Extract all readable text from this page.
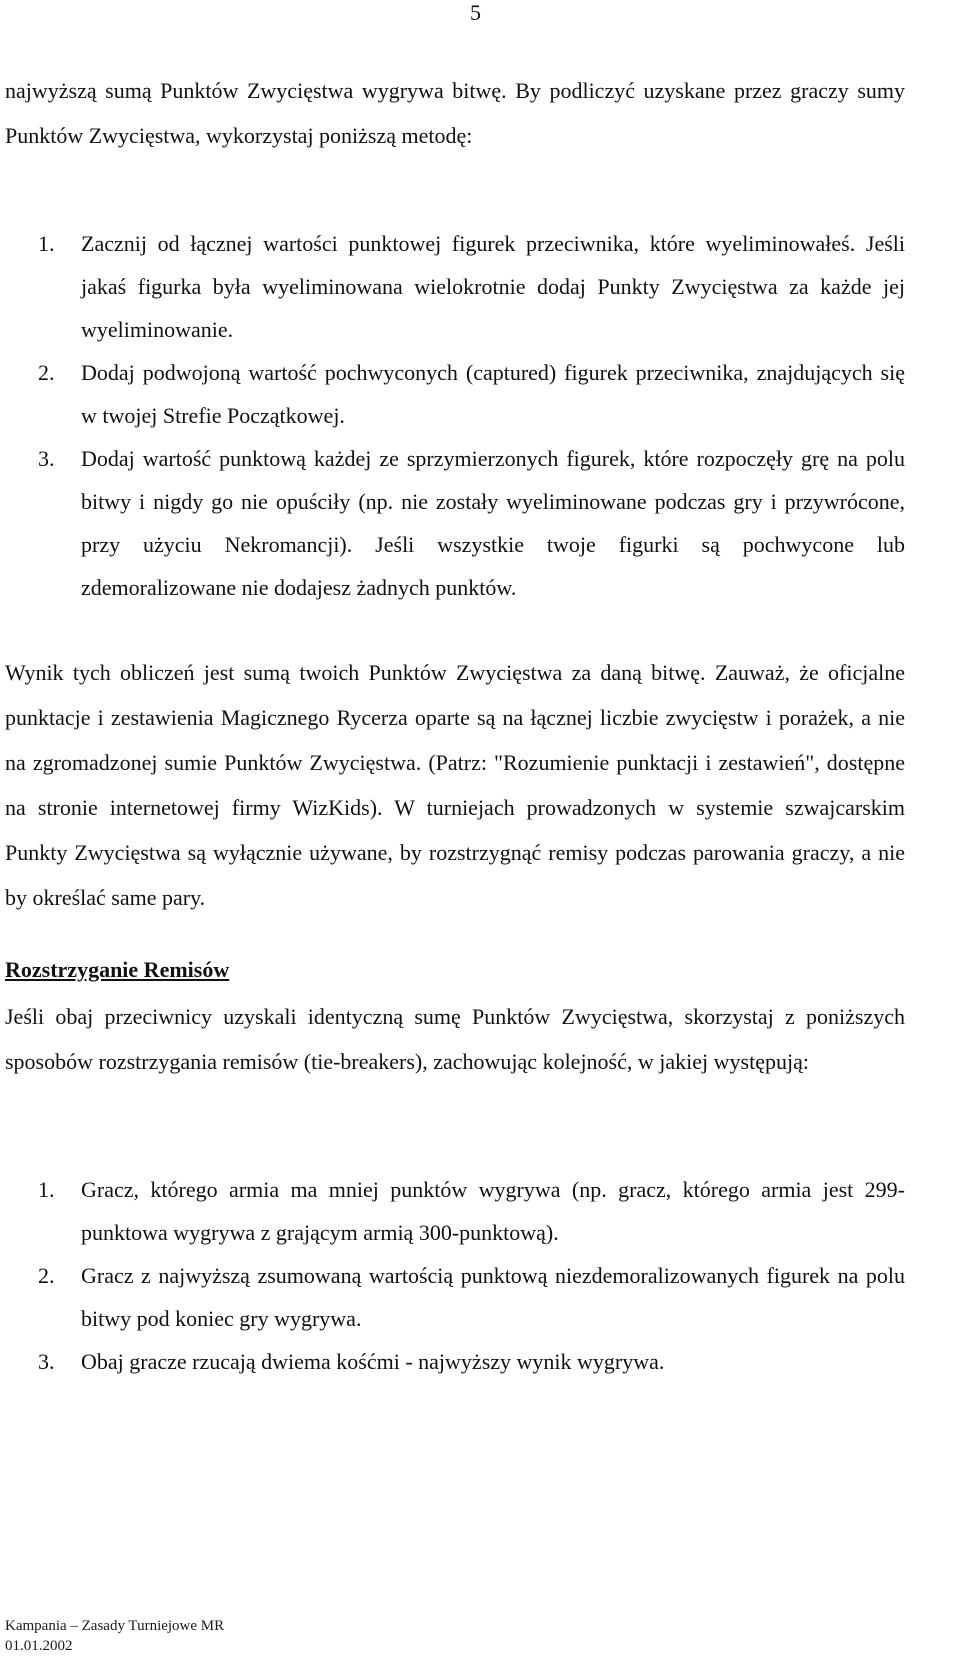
5

najwyższą sumą Punktów Zwycięstwa wygrywa bitwę. By podliczyć uzyskane przez graczy sumy Punktów Zwycięstwa, wykorzystaj poniższą metodę:

1. Zacznij od łącznej wartości punktowej figurek przeciwnika, które wyeliminowałeś. Jeśli jakaś figurka była wyeliminowana wielokrotnie dodaj Punkty Zwycięstwa za każde jej wyeliminowanie.
2. Dodaj podwojoną wartość pochwyconych (captured) figurek przeciwnika, znajdujących się w twojej Strefie Początkowej.
3. Dodaj wartość punktową każdej ze sprzymierzonych figurek, które rozpoczęły grę na polu bitwy i nigdy go nie opuściły (np. nie zostały wyeliminowane podczas gry i przywrócone, przy użyciu Nekromancji). Jeśli wszystkie twoje figurki są pochwycone lub zdemoralizowane nie dodajesz żadnych punktów.

Wynik tych obliczeń jest sumą twoich Punktów Zwycięstwa za daną bitwę. Zauważ, że oficjalne punktacje i zestawienia Magicznego Rycerza oparte są na łącznej liczbie zwycięstw i porażek, a nie na zgromadzonej sumie Punktów Zwycięstwa. (Patrz: "Rozumienie punktacji i zestawień", dostępne na stronie internetowej firmy WizKids). W turniejach prowadzonych w systemie szwajcarskim Punkty Zwycięstwa są wyłącznie używane, by rozstrzygnąć remisy podczas parowania graczy, a nie by określać same pary.

Rozstrzyganie Remisów

Jeśli obaj przeciwnicy uzyskali identyczną sumę Punktów Zwycięstwa, skorzystaj z poniższych sposobów rozstrzygania remisów (tie-breakers), zachowując kolejność, w jakiej występują:

1. Gracz, którego armia ma mniej punktów wygrywa (np. gracz, którego armia jest 299-punktowa wygrywa z grającym armią 300-punktową).
2. Gracz z najwyższą zsumowaną wartością punktową niezdemoralizowanych figurek na polu bitwy pod koniec gry wygrywa.
3. Obaj gracze rzucają dwiema kośćmi - najwyższy wynik wygrywa.
Kampania – Zasady Turniejowe MR
01.01.2002
